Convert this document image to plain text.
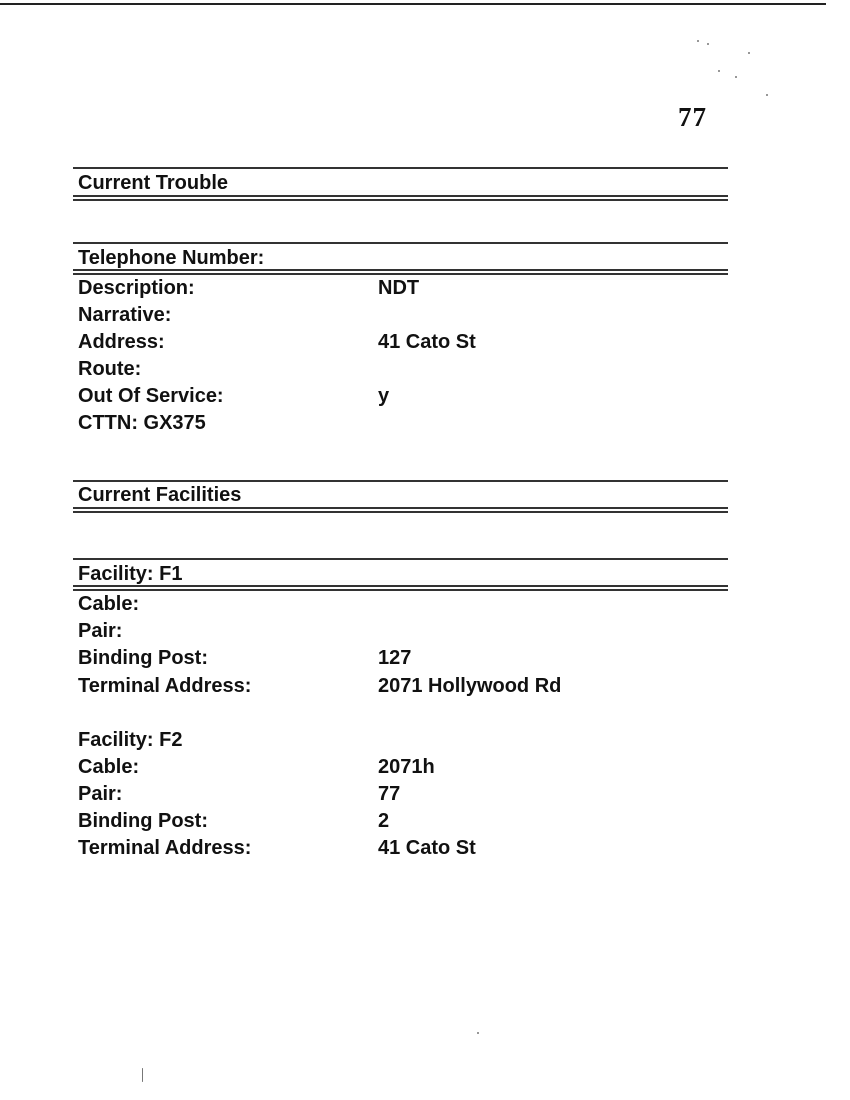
77
Current Trouble
Telephone Number:
Description:	NDT
Narrative:
Address:	41 Cato St
Route:
Out Of Service:	y
CTTN: GX375
Current Facilities
Facility: F1
Cable:
Pair:
Binding Post:	127
Terminal Address:	2071 Hollywood Rd
Facility: F2
Cable:	2071h
Pair:	77
Binding Post:	2
Terminal Address:	41 Cato St
